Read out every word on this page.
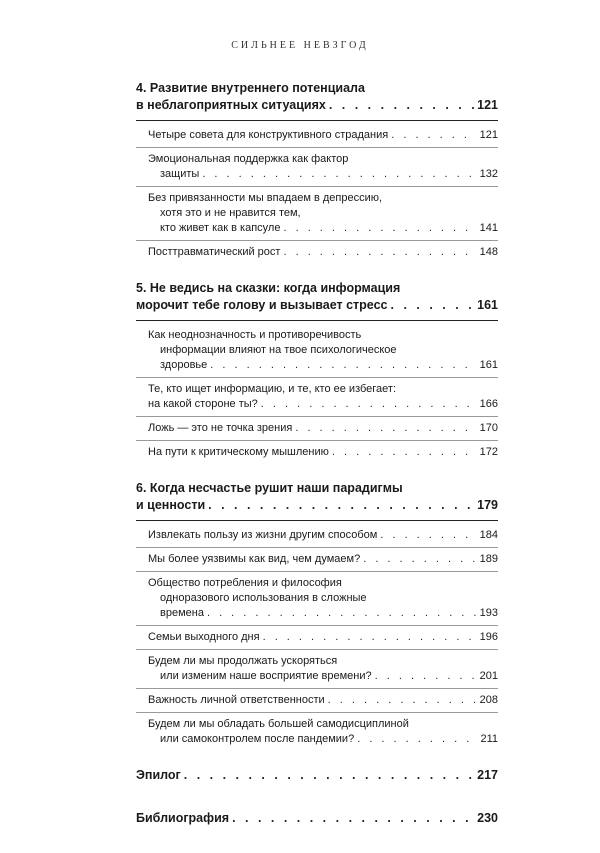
СИЛЬНЕЕ НЕВЗГОД
4. Развитие внутреннего потенциала
в неблагоприятных ситуациях . . .	121
Четыре совета для конструктивного страдания . . .	121
Эмоциональная поддержка как фактор
защиты . . .	132
Без привязанности мы впадаем в депрессию,
хотя это и не нравится тем,
кто живет как в капсуле . . .	141
Посттравматический рост . . .	148
5. Не ведись на сказки: когда информация
морочит тебе голову и вызывает стресс . . .	161
Как неоднозначность и противоречивость
информации влияют на твое психологическое
здоровье . . .	161
Те, кто ищет информацию, и те, кто ее избегает:
на какой стороне ты? . . .	166
Ложь — это не точка зрения . . .	170
На пути к критическому мышлению . . .	172
6. Когда несчастье рушит наши парадигмы
и ценности . . .	179
Извлекать пользу из жизни другим способом . . .	184
Мы более уязвимы как вид, чем думаем? . . .	189
Общество потребления и философия
одноразового использования в сложные
времена . . .	193
Семьи выходного дня . . .	196
Будем ли мы продолжать ускоряться
или изменим наше восприятие времени? . . .	201
Важность личной ответственности . . .	208
Будем ли мы обладать большей самодисциплиной
или самоконтролем после пандемии? . . .	211
Эпилог . . .	217
Библиография . . .	230
